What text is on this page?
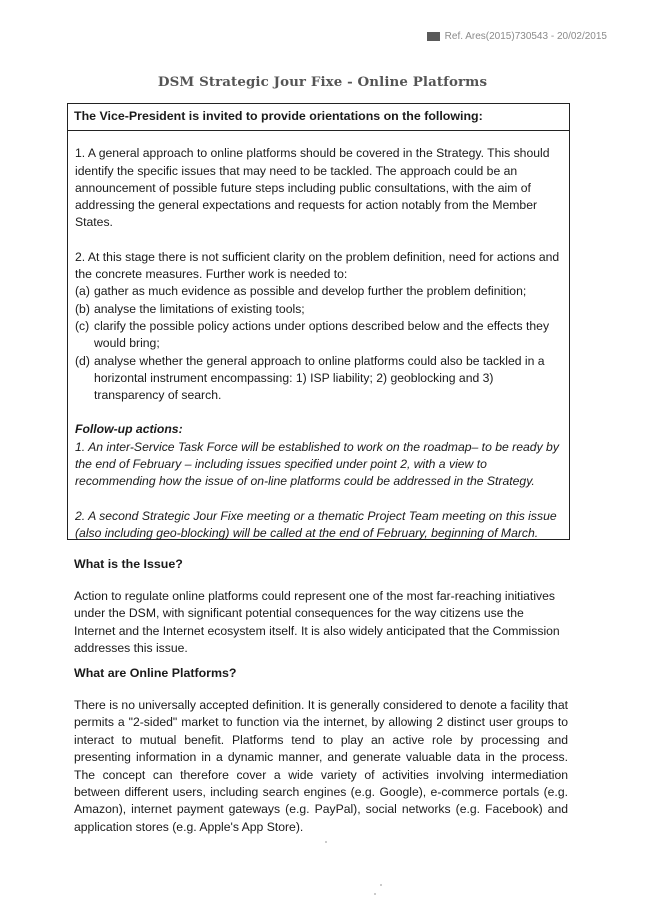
Ref. Ares(2015)730543 - 20/02/2015
DSM Strategic Jour Fixe - Online Platforms
The Vice-President is invited to provide orientations on the following:
1. A general approach to online platforms should be covered in the Strategy. This should identify the specific issues that may need to be tackled. The approach could be an announcement of possible future steps including public consultations, with the aim of addressing the general expectations and requests for action notably from the Member States.
2. At this stage there is not sufficient clarity on the problem definition, need for actions and the concrete measures. Further work is needed to:
(a) gather as much evidence as possible and develop further the problem definition;
(b) analyse the limitations of existing tools;
(c) clarify the possible policy actions under options described below and the effects they would bring;
(d) analyse whether the general approach to online platforms could also be tackled in a horizontal instrument encompassing: 1) ISP liability; 2) geoblocking and 3) transparency of search.
Follow-up actions:
1. An inter-Service Task Force will be established to work on the roadmap– to be ready by the end of February – including issues specified under point 2, with a view to recommending how the issue of on-line platforms could be addressed in the Strategy.
2. A second Strategic Jour Fixe meeting or a thematic Project Team meeting on this issue (also including geo-blocking) will be called at the end of February, beginning of March.
What is the Issue?
Action to regulate online platforms could represent one of the most far-reaching initiatives under the DSM, with significant potential consequences for the way citizens use the Internet and the Internet ecosystem itself. It is also widely anticipated that the Commission addresses this issue.
What are Online Platforms?
There is no universally accepted definition. It is generally considered to denote a facility that permits a "2-sided" market to function via the internet, by allowing 2 distinct user groups to interact to mutual benefit. Platforms tend to play an active role by processing and presenting information in a dynamic manner, and generate valuable data in the process. The concept can therefore cover a wide variety of activities involving intermediation between different users, including search engines (e.g. Google), e-commerce portals (e.g. Amazon), internet payment gateways (e.g. PayPal), social networks (e.g. Facebook) and application stores (e.g. Apple's App Store).
